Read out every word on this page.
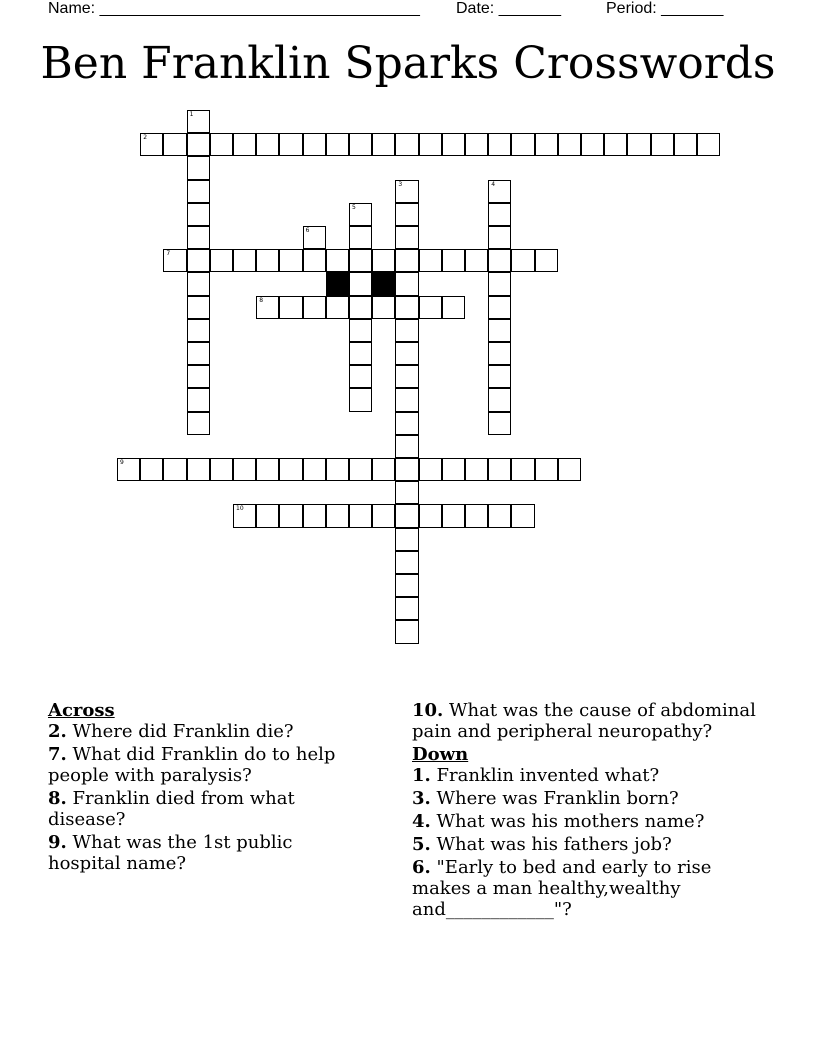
Name: ____________________________________ Date: _______	Period: _______
Ben Franklin Sparks Crosswords
1
2
3	4
5
6
7
8
9
10

Across

2. Where did Franklin die?

7. What did Franklin do to help people with paralysis?

8. Franklin died from what disease?

9. What was the 1st public hospital name?

10. What was the cause of abdominal pain and peripheral neuropathy?

Down

1. Franklin invented what?

3. Where was Franklin born?

4. What was his mothers name?

5. What was his fathers job?

6. "Early to bed and early to rise makes a man healthy,wealthy and____________"?
